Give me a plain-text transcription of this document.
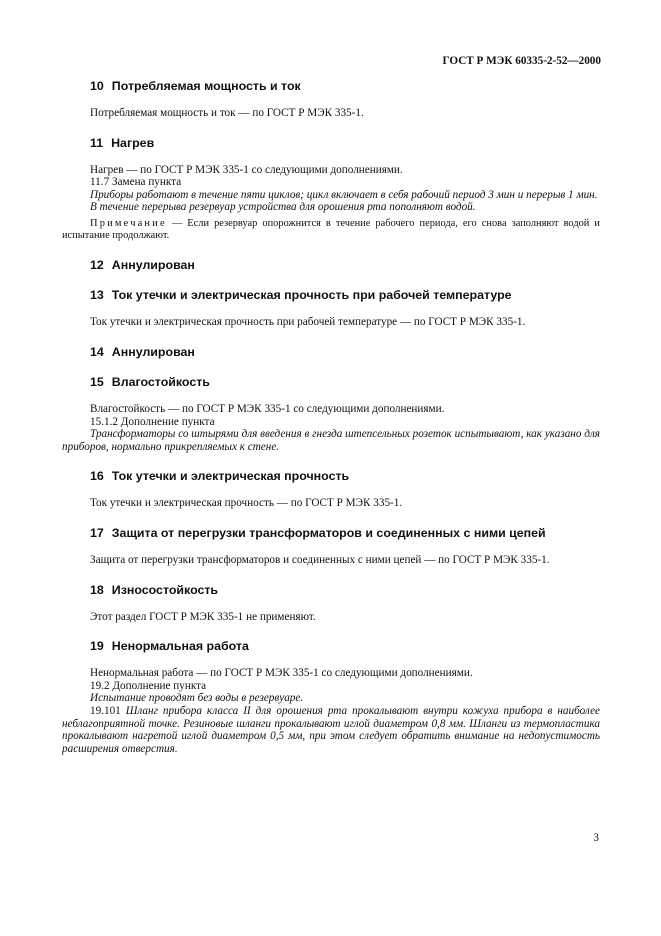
ГОСТ Р МЭК 60335-2-52—2000
10 Потребляемая мощность и ток

Потребляемая мощность и ток — по ГОСТ Р МЭК 335-1.

11 Нагрев

Нагрев — по ГОСТ Р МЭК 335-1 со следующими дополнениями.

11.7 Замена пункта

Приборы работают в течение пяти циклов; цикл включает в себя рабочий период 3 мин и перерыв 1 мин.

В течение перерыва резервуар устройства для орошения рта пополняют водой.

Примечание — Если резервуар опорожнится в течение рабочего периода, его снова заполняют водой и испытание продолжают.

12 Аннулирован
13 Ток утечки и электрическая прочность при рабочей температуре

Ток утечки и электрическая прочность при рабочей температуре — по ГОСТ Р МЭК 335-1.

14 Аннулирован
15 Влагостойкость

Влагостойкость — по ГОСТ Р МЭК 335-1 со следующими дополнениями.

15.1.2 Дополнение пункта

Трансформаторы со штырями для введения в гнезда штепсельных розеток испытывают, как указано для приборов, нормально прикрепляемых к стене.

16 Ток утечки и электрическая прочность

Ток утечки и электрическая прочность — по ГОСТ Р МЭК 335-1.

17 Защита от перегрузки трансформаторов и соединенных с ними цепей

Защита от перегрузки трансформаторов и соединенных с ними цепей — по ГОСТ Р МЭК 335-1.

18 Износостойкость

Этот раздел ГОСТ Р МЭК 335-1 не применяют.

19 Ненормальная работа

Ненормальная работа — по ГОСТ Р МЭК 335-1 со следующими дополнениями.

19.2 Дополнение пункта

Испытание проводят без воды в резервуаре.

19.101 Шланг прибора класса II для орошения рта прокалывают внутри кожуха прибора в наиболее неблагоприятной точке. Резиновые шланги прокалывают иглой диаметром 0,8 мм. Шланги из термопластика прокалывают нагретой иглой диаметром 0,5 мм, при этом следует обратить внимание на недопустимость расширения отверстия.

3
